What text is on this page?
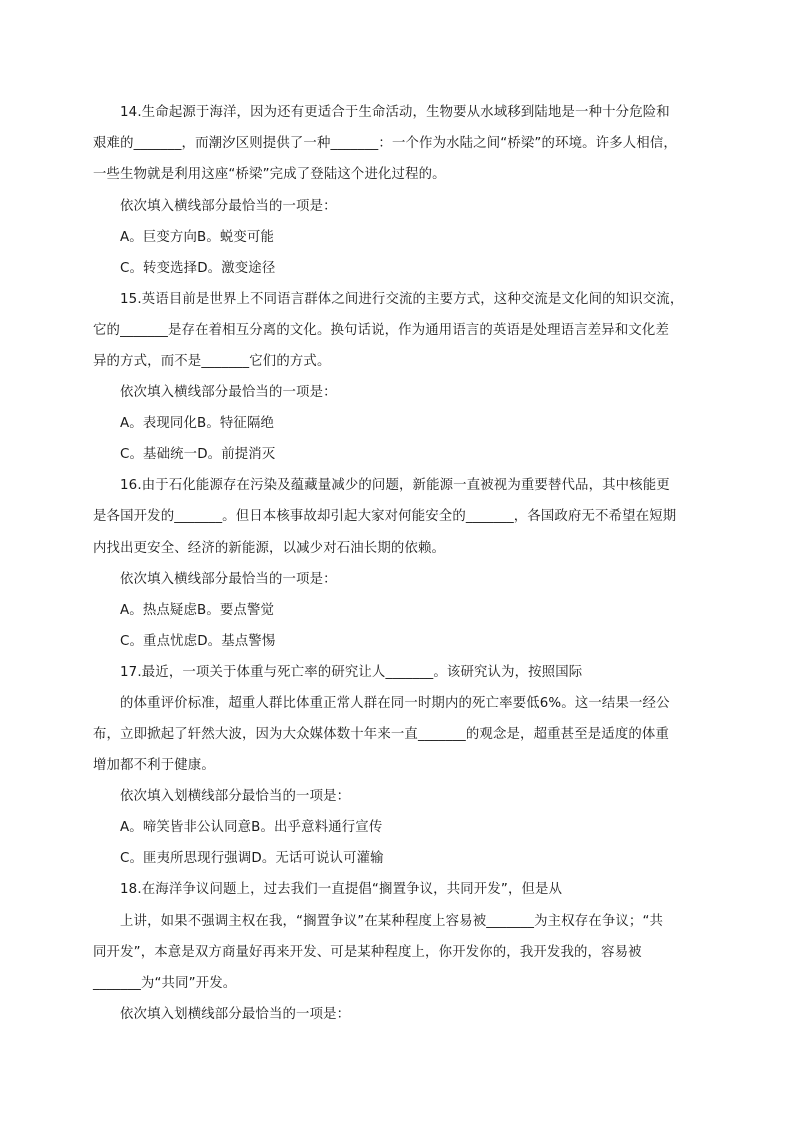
14.生命起源于海洋，因为还有更适合于生命活动，生物要从水域移到陆地是一种十分危险和
艰难的_______，而潮汐区则提供了一种_______：一个作为水陆之间“桥梁”的环境。许多人相信，
一些生物就是利用这座“桥梁”完成了登陆这个进化过程的。
依次填入横线部分最恰当的一项是：
A。巨变方向B。蜕变可能
C。转变选择D。激变途径
15.英语目前是世界上不同语言群体之间进行交流的主要方式，这种交流是文化间的知识交流，
它的_______是存在着相互分离的文化。换句话说，作为通用语言的英语是处理语言差异和文化差
异的方式，而不是_______它们的方式。
依次填入横线部分最恰当的一项是：
A。表现同化B。特征隔绝
C。基础统一D。前提消灭
16.由于石化能源存在污染及蕴藏量减少的问题，新能源一直被视为重要替代品，其中核能更
是各国开发的_______。但日本核事故却引起大家对何能安全的_______，各国政府无不希望在短期
内找出更安全、经济的新能源，以减少对石油长期的依赖。
依次填入横线部分最恰当的一项是：
A。热点疑虑B。要点警觉
C。重点忧虑D。基点警惕
17.最近，一项关于体重与死亡率的研究让人_______。该研究认为，按照国际
的体重评价标准，超重人群比体重正常人群在同一时期内的死亡率要低6%。这一结果一经公
布，立即掀起了轩然大波，因为大众媒体数十年来一直_______的观念是，超重甚至是适度的体重
增加都不利于健康。
依次填入划横线部分最恰当的一项是：
A。啼笑皆非公认同意B。出乎意料通行宣传
C。匪夷所思现行强调D。无话可说认可灌输
18.在海洋争议问题上，过去我们一直提倡“搁置争议，共同开发”，但是从
上讲，如果不强调主权在我，“搁置争议”在某种程度上容易被_______为主权存在争议；“共
同开发”，本意是双方商量好再来开发、可是某种程度上，你开发你的，我开发我的，容易被
_______为“共同”开发。
依次填入划横线部分最恰当的一项是：
